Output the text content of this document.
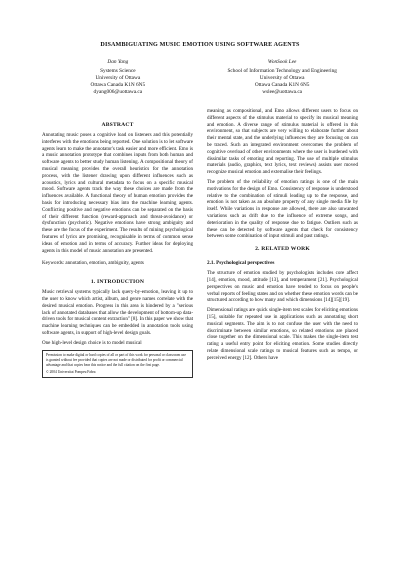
DISAMBIGUATING MUSIC EMOTION USING SOFTWARE AGENTS
Dan Yang
Systems Science
University of Ottawa
Ottawa Canada K1N 6N5
dyang006@uottawa.ca
WonSook Lee
School of Information Technology and Engineering
University of Ottawa
Ottawa Canada K1N 6N5
wslee@uottawa.ca
ABSTRACT

Annotating music poses a cognitive load on listeners and this potentially interferes with the emotions being reported. One solution is to let software agents learn to make the annotator's task easier and more efficient. Emo is a music annotation prototype that combines inputs from both human and software agents to better study human listening. A compositional theory of musical meaning provides the overall heuristics for the annotation process, with the listener drawing upon different influences such as acoustics, lyrics and cultural metadata to focus on a specific musical mood. Software agents track the way these choices are made from the influences available. A functional theory of human emotion provides the basis for introducing necessary bias into the machine learning agents. Conflicting positive and negative emotions can be separated on the basis of their different function (reward-approach and threat-avoidance) or dysfunction (psychotic). Negative emotions have strong ambiguity and these are the focus of the experiment. The results of mining psychological features of lyrics are promising, recognisable in terms of common sense ideas of emotion and in terms of accuracy. Further ideas for deploying agents in this model of music annotation are presented.

Keywords: annotation, emotion, ambiguity, agents

1. INTRODUCTION

Music retrieval systems typically lack query-by-emotion, leaving it up to the user to know which artist, album, and genre names correlate with the desired musical emotion. Progress in this area is hindered by a "serious lack of annotated databases that allow the development of bottom-up data-driven tools for musical content extraction" [8]. In this paper we show that machine learning techniques can be embedded in annotation tools using software agents, in support of high-level design goals.

One high-level design choice is to model musical

Permission to make digital or hard copies of all or part of this work for personal or classroom use is granted without fee provided that copies are not made or distributed for profit or commercial advantage and that copies bear this notice and the full citation on the first page.
© 2004 Universitat Pompeu Fabra

meaning as compositional, and Emo allows different users to focus on different aspects of the stimulus material to specify its musical meaning and emotion. A diverse range of stimulus material is offered in this environment, so that subjects are very willing to elaborate further about their mental state, and the underlying influences they are focusing on can be traced. Such an integrated environment overcomes the problem of cognitive overload of other environments where the user is burdened with dissimilar tasks of emoting and reporting. The use of multiple stimulus materials (audio, graphics, text lyrics, text reviews) assists user moved recognize musical emotion and externalise their feelings.

The problem of the reliability of emotion ratings is one of the main motivations for the design of Emo. Consistency of response is understood relative to the combination of stimuli leading up to the response, and emotion is not taken as an absolute property of any single media file by itself. While variations in response are allowed, there are also unwanted variations such as drift due to the influence of extreme songs, and deterioration in the quality of response due to fatigue. Outliers such as these can be detected by software agents that check for consistency between some combination of input stimuli and past ratings.

2. RELATED WORK
2.1. Psychological perspectives

The structure of emotion studied by psychologists includes core affect [14], emotion, mood, attitude [13], and temperament [21]. Psychological perspectives on music and emotion have tended to focus on people's verbal reports of feeling states and on whether these emotion words can be structured according to how many and which dimensions [14][15][19].

Dimensional ratings are quick single-item test scales for eliciting emotions [15], suitable for repeated use in applications such as annotating short musical segments. The aim is to not confuse the user with the need to discriminate between similar emotions, so related emotions are placed close together on the dimensional scale. This makes the single-item test rating a useful entry point for eliciting emotion. Some studies directly relate dimensional scale ratings to musical features such as tempo, or perceived energy [12]. Others have
